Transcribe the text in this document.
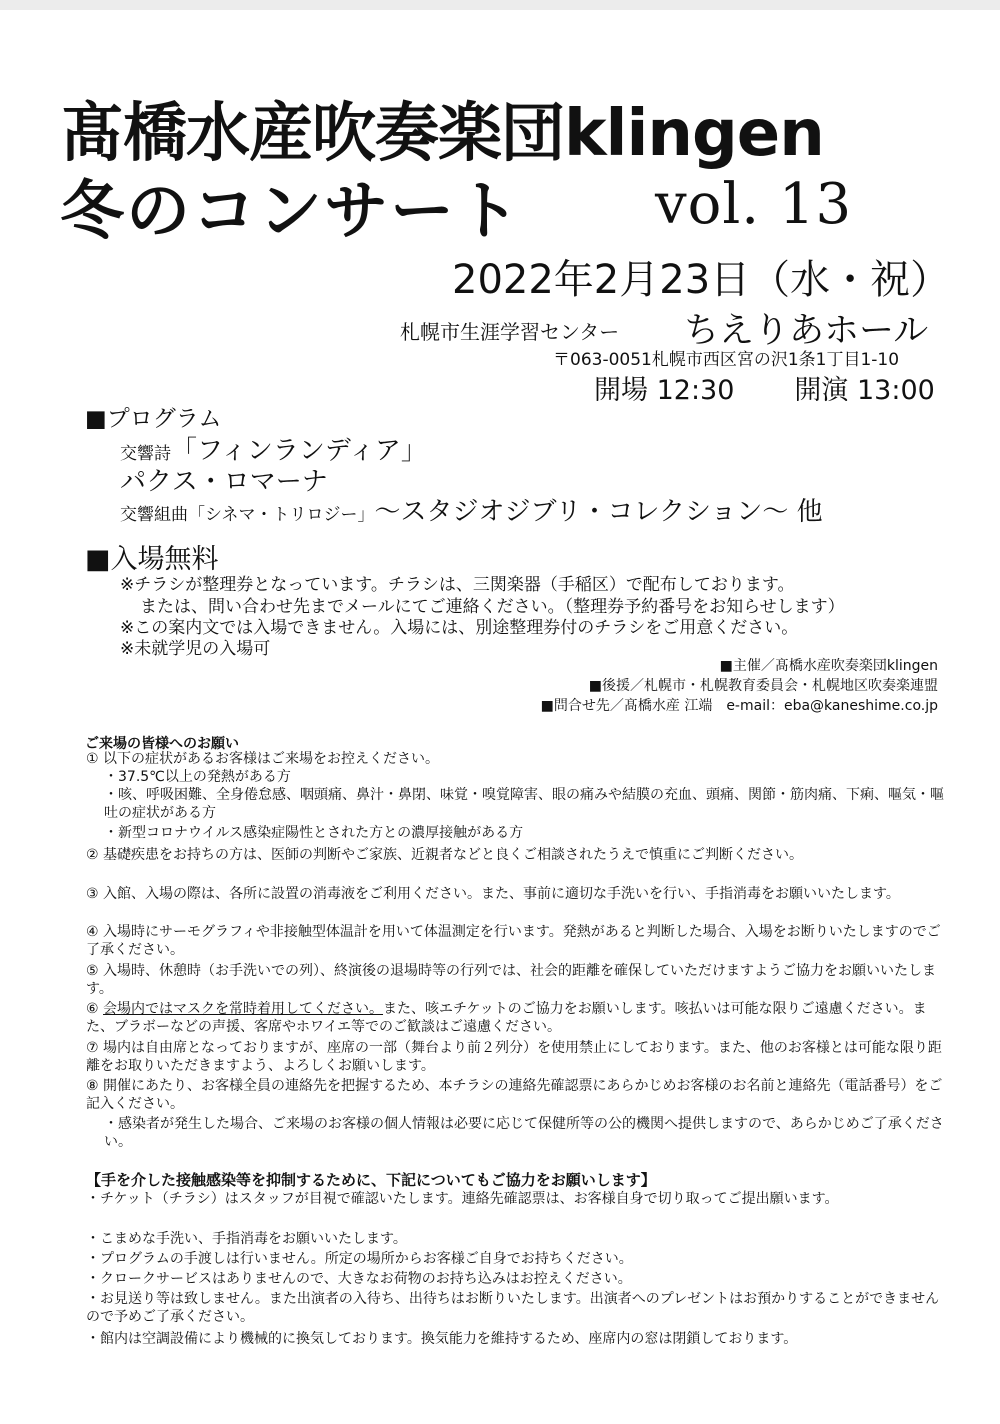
髙橋水産吹奏楽団klingen
冬のコンサート vol. 13
2022年2月23日（水・祝）
札幌市生涯学習センター ちえりあホール
〒063-0051札幌市西区宮の沢1条1丁目1-10
開場 12:30 開演 13:00
■プログラム
交響詩「フィンランディア」
パクス・ロマーナ
交響組曲「シネマ・トリロジー」〜スタジオジブリ・コレクション〜 他
■入場無料
※チラシが整理券となっています。チラシは、三関楽器（手稲区）で配布しております。
または、問い合わせ先までメールにてご連絡ください。（整理券予約番号をお知らせします）
※この案内文では入場できません。入場には、別途整理券付のチラシをご用意ください。
※未就学児の入場可
■主催／髙橋水産吹奏楽団klingen
■後援／札幌市・札幌教育委員会・札幌地区吹奏楽連盟
■問合せ先／髙橋水産 江端　e-mail：eba@kaneshime.co.jp
ご来場の皆様へのお願い
① 以下の症状があるお客様はご来場をお控えください。
・37.5℃以上の発熱がある方
・咳、呼吸困難、全身倦怠感、咽頭痛、鼻汁・鼻閉、味覚・嗅覚障害、眼の痛みや結膜の充血、頭痛、関節・筋肉痛、下痢、嘔気・嘔吐の症状がある方
・新型コロナウイルス感染症陽性とされた方との濃厚接触がある方
② 基礎疾患をお持ちの方は、医師の判断やご家族、近親者などと良くご相談されたうえで慎重にご判断ください。
③ 入館、入場の際は、各所に設置の消毒液をご利用ください。また、事前に適切な手洗いを行い、手指消毒をお願いいたします。
④ 入場時にサーモグラフィや非接触型体温計を用いて体温測定を行います。発熱があると判断した場合、入場をお断りいたしますのでご了承ください。
⑤ 入場時、休憩時（お手洗いでの列）、終演後の退場時等の行列では、社会的距離を確保していただけますようご協力をお願いいたします。
⑥ 会場内ではマスクを常時着用してください。また、咳エチケットのご協力をお願いします。咳払いは可能な限りご遠慮ください。また、ブラボーなどの声援、客席やホワイエ等でのご歓談はご遠慮ください。
⑦ 場内は自由席となっておりますが、座席の一部（舞台より前２列分）を使用禁止にしております。また、他のお客様とは可能な限り距離をお取りいただきますよう、よろしくお願いします。
⑧ 開催にあたり、お客様全員の連絡先を把握するため、本チラシの連絡先確認票にあらかじめお客様のお名前と連絡先（電話番号）をご記入ください。
・感染者が発生した場合、ご来場のお客様の個人情報は必要に応じて保健所等の公的機関へ提供しますので、あらかじめご了承ください。
【手を介した接触感染等を抑制するために、下記についてもご協力をお願いします】
・チケット（チラシ）はスタッフが目視で確認いたします。連絡先確認票は、お客様自身で切り取ってご提出願います。
・こまめな手洗い、手指消毒をお願いいたします。
・プログラムの手渡しは行いません。所定の場所からお客様ご自身でお持ちください。
・クロークサービスはありませんので、大きなお荷物のお持ち込みはお控えください。
・お見送り等は致しません。また出演者の入待ち、出待ちはお断りいたします。出演者へのプレゼントはお預かりすることができませんので予めご了承ください。
・館内は空調設備により機械的に換気しております。換気能力を維持するため、座席内の窓は閉鎖しております。
